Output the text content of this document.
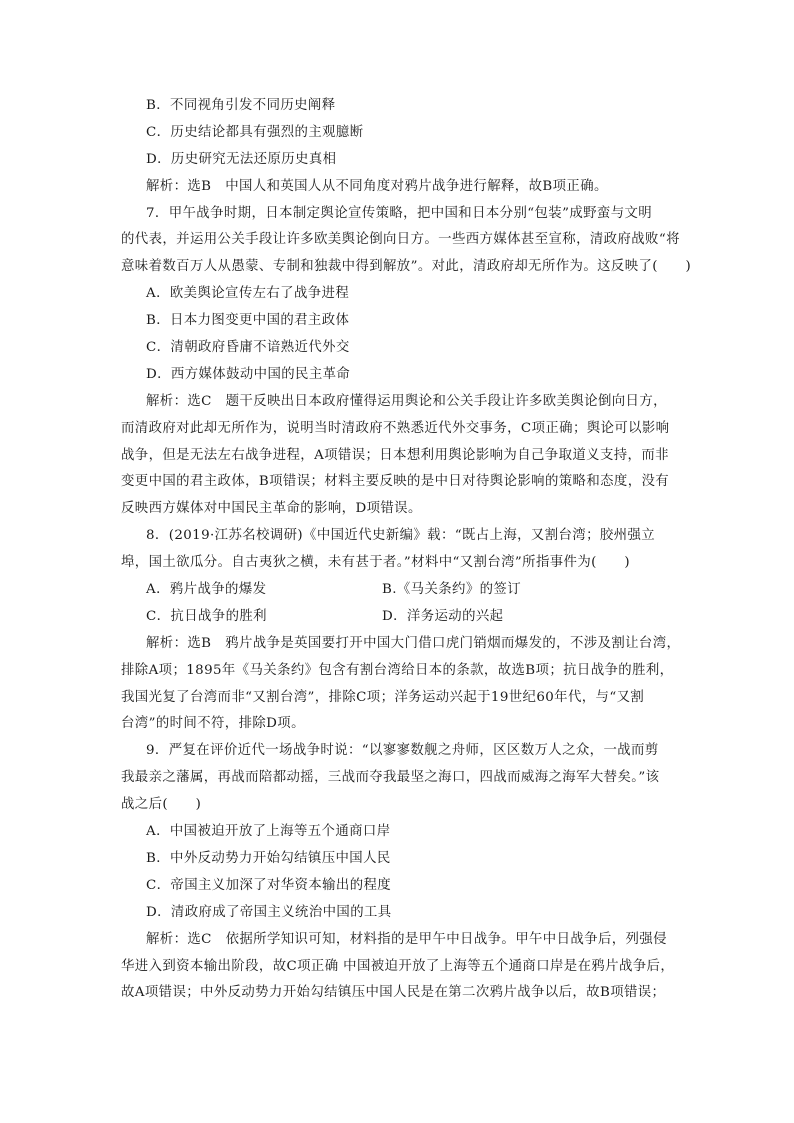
B．不同视角引发不同历史阐释
C．历史结论都具有强烈的主观臆断
D．历史研究无法还原历史真相
解析：选B　中国人和英国人从不同角度对鸦片战争进行解释，故B项正确。
7．甲午战争时期，日本制定舆论宣传策略，把中国和日本分别“包装”成野蛮与文明
的代表，并运用公关手段让许多欧美舆论倒向日方。一些西方媒体甚至宣称，清政府战败“将
意味着数百万人从愚蒙、专制和独裁中得到解放”。对此，清政府却无所作为。这反映了(　　)
A．欧美舆论宣传左右了战争进程
B．日本力图变更中国的君主政体
C．清朝政府昏庸不谙熟近代外交
D．西方媒体鼓动中国的民主革命
解析：选C　题干反映出日本政府懂得运用舆论和公关手段让许多欧美舆论倒向日方，
而清政府对此却无所作为，说明当时清政府不熟悉近代外交事务，C项正确；舆论可以影响
战争，但是无法左右战争进程，A项错误；日本想利用舆论影响为自己争取道义支持，而非
变更中国的君主政体，B项错误；材料主要反映的是中日对待舆论影响的策略和态度，没有
反映西方媒体对中国民主革命的影响，D项错误。
8．(2019·江苏名校调研)《中国近代史新编》载：“既占上海，又割台湾；胶州强立
埠，国土欲瓜分。自古夷狄之横，未有甚于者。”材料中“又割台湾”所指事件为(　　)
A．鸦片战争的爆发	B.《马关条约》的签订
C．抗日战争的胜利	D．洋务运动的兴起
解析：选B　鸦片战争是英国要打开中国大门借口虎门销烟而爆发的，不涉及割让台湾，
排除A项；1895年《马关条约》包含有割台湾给日本的条款，故选B项；抗日战争的胜利，
我国光复了台湾而非“又割台湾”，排除C项；洋务运动兴起于19世纪60年代，与“又割
台湾”的时间不符，排除D项。
9．严复在评价近代一场战争时说：“以寥寥数舰之舟师，区区数万人之众，一战而剪
我最亲之藩属，再战而陪都动摇，三战而夺我最坚之海口，四战而威海之海军大替矣。”该
战之后(　　)
A．中国被迫开放了上海等五个通商口岸
B．中外反动势力开始勾结镇压中国人民
C．帝国主义加深了对华资本输出的程度
D．清政府成了帝国主义统治中国的工具
解析：选C　依据所学知识可知，材料指的是甲午中日战争。甲午中日战争后，列强侵
华进入到资本输出阶段，故C项正确 中国被迫开放了上海等五个通商口岸是在鸦片战争后，
故A项错误；中外反动势力开始勾结镇压中国人民是在第二次鸦片战争以后，故B项错误；
